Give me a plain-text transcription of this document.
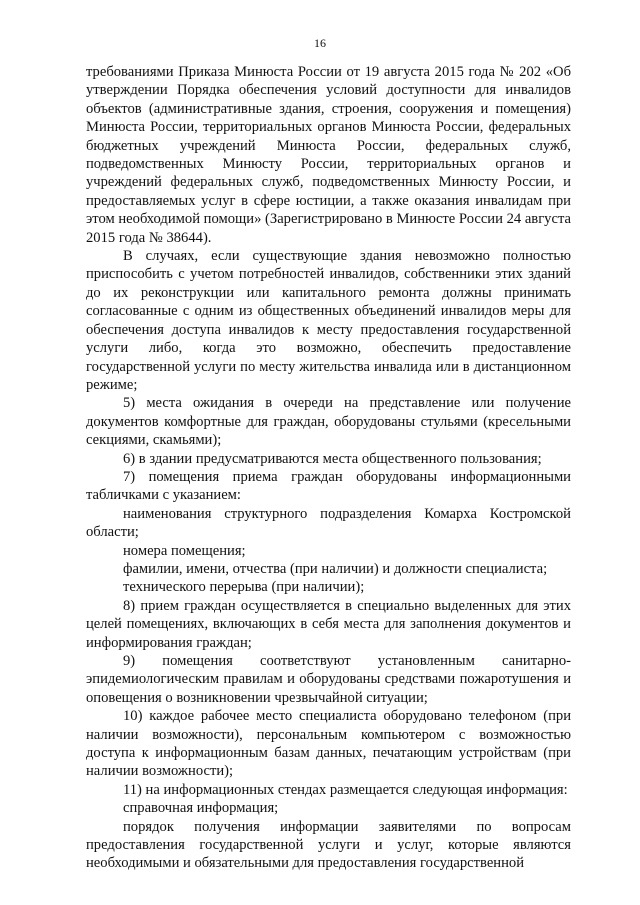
16

требованиями Приказа Минюста России от 19 августа 2015 года № 202 «Об утверждении Порядка обеспечения условий доступности для инвалидов объектов (административные здания, строения, сооружения и помещения) Минюста России, территориальных органов Минюста России, федеральных бюджетных учреждений Минюста России, федеральных служб, подведомственных Минюсту России, территориальных органов и учреждений федеральных служб, подведомственных Минюсту России, и предоставляемых услуг в сфере юстиции, а также оказания инвалидам при этом необходимой помощи» (Зарегистрировано в Минюсте России 24 августа 2015 года № 38644).

В случаях, если существующие здания невозможно полностью приспособить с учетом потребностей инвалидов, собственники этих зданий до их реконструкции или капитального ремонта должны принимать согласованные с одним из общественных объединений инвалидов меры для обеспечения доступа инвалидов к месту предоставления государственной услуги либо, когда это возможно, обеспечить предоставление государственной услуги по месту жительства инвалида или в дистанционном режиме;

5) места ожидания в очереди на представление или получение документов комфортные для граждан, оборудованы стульями (кресельными секциями, скамьями);

6) в здании предусматриваются места общественного пользования;

7) помещения приема граждан оборудованы информационными табличками с указанием:

наименования структурного подразделения Комархa Костромской области;

номера помещения;

фамилии, имени, отчества (при наличии) и должности специалиста;

технического перерыва (при наличии);

8) прием граждан осуществляется в специально выделенных для этих целей помещениях, включающих в себя места для заполнения документов и информирования граждан;

9) помещения соответствуют установленным санитарно-эпидемиологическим правилам и оборудованы средствами пожаротушения и оповещения о возникновении чрезвычайной ситуации;

10) каждое рабочее место специалиста оборудовано телефоном (при наличии возможности), персональным компьютером с возможностью доступа к информационным базам данных, печатающим устройствам (при наличии возможности);

11) на информационных стендах размещается следующая информация:

справочная информация;

порядок получения информации заявителями по вопросам предоставления государственной услуги и услуг, которые являются необходимыми и обязательными для предоставления государственной
